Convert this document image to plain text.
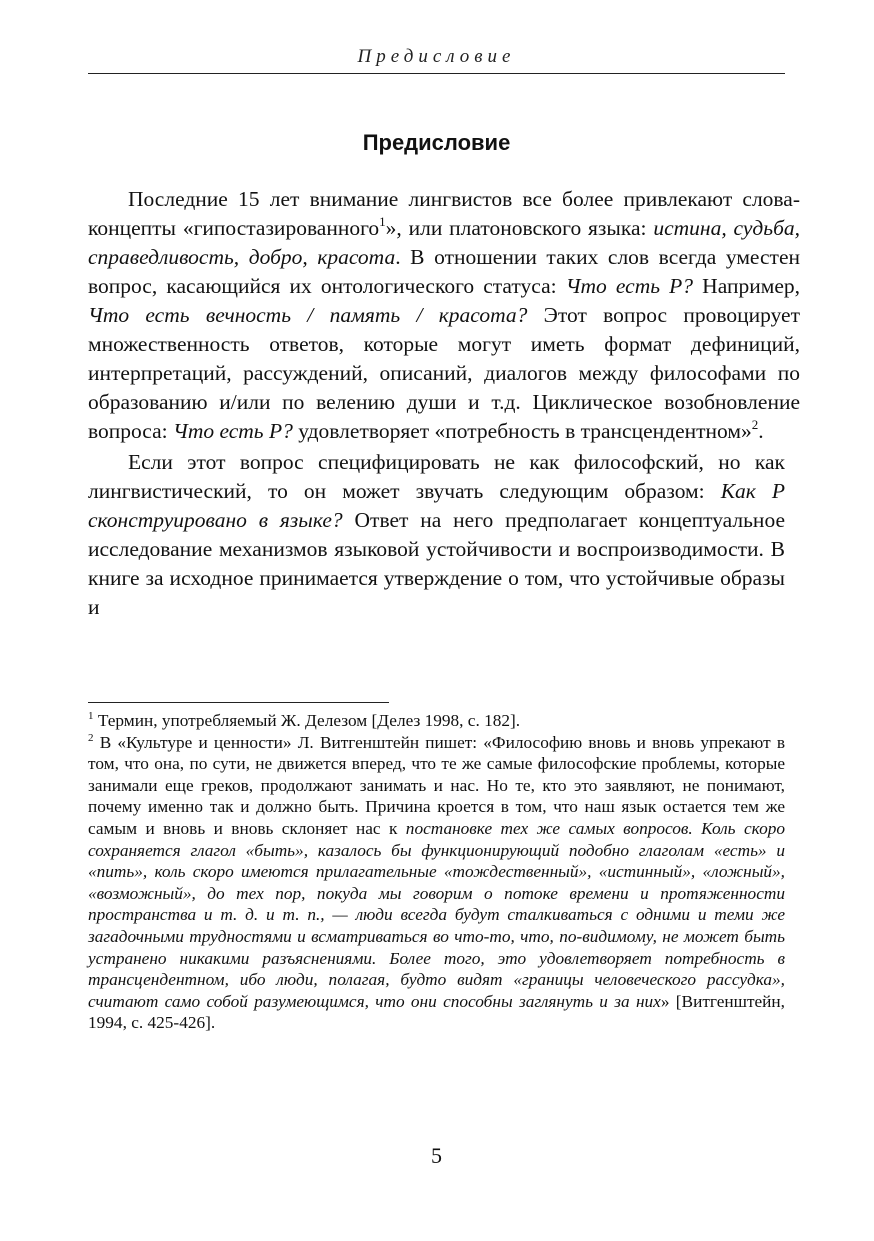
Предисловие
Предисловие

Последние 15 лет внимание лингвистов все более привлекают слова-концепты «гипостазированного$^1$», или платоновского языка: истина, судьба, справедливость, добро, красота. В отношении таких слов всегда уместен вопрос, касающийся их онтологического статуса: Что есть Р? Например, Что есть вечность / память / красота? Этот вопрос провоцирует множественность ответов, которые могут иметь формат дефиниций, интерпретаций, рассуждений, описаний, диалогов между философами по образованию и/или по велению души и т.д. Циклическое возобновление вопроса: Что есть Р? удовлетворяет «потребность в трансцендентном»$^2$.

Если этот вопрос специфицировать не как философский, но как лингвистический, то он может звучать следующим образом: Как Р сконструировано в языке? Ответ на него предполагает концептуальное исследование механизмов языковой устойчивости и воспроизводимости. В книге за исходное принимается утверждение о том, что устойчивые образы и

$^1$ Термин, употребляемый Ж. Делезом [Делез 1998, с. 182].

$^2$ В «Культуре и ценности» Л. Витгенштейн пишет: «Философию вновь и вновь упрекают в том, что она, по сути, не движется вперед, что те же самые философские проблемы, которые занимали еще греков, продолжают занимать и нас. Но те, кто это заявляют, не понимают, почему именно так и должно быть. Причина кроется в том, что наш язык остается тем же самым и вновь и вновь склоняет нас к постановке тех же самых вопросов. Коль скоро сохраняется глагол «быть», казалось бы функционирующий подобно глаголам «есть» и «пить», коль скоро имеются прилагательные «тождественный», «истинный», «ложный», «возможный», до тех пор, покуда мы говорим о потоке времени и протяженности пространства и т. д. и т. п., — люди всегда будут сталкиваться с одними и теми же загадочными трудностями и всматриваться во что-то, что, по-видимому, не может быть устранено никакими разъяснениями. Более того, это удовлетворяет потребность в трансцендентном, ибо люди, полагая, будто видят «границы человеческого рассудка», считают само собой разумеющимся, что они способны заглянуть и за них» [Витгенштейн, 1994, с. 425-426].

5
